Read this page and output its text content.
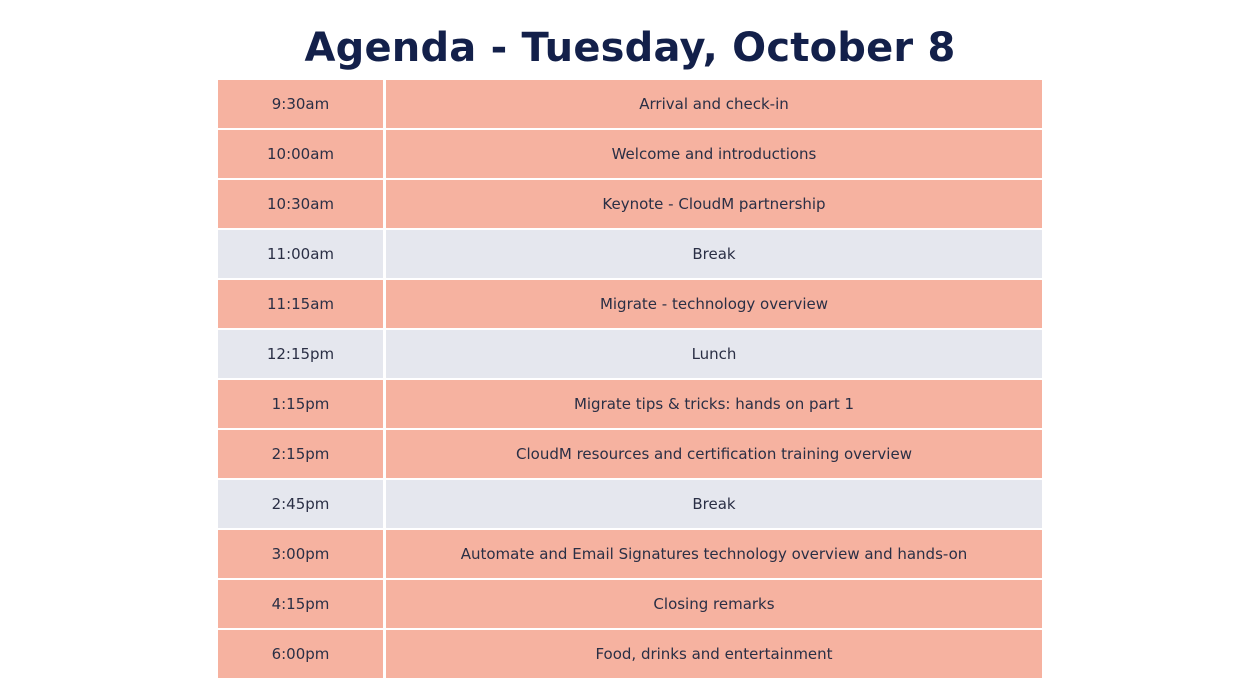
Agenda - Tuesday, October 8
9:30am	Arrival and check-in
10:00am	Welcome and introductions
10:30am	Keynote - CloudM partnership
11:00am	Break
11:15am	Migrate - technology overview
12:15pm	Lunch
1:15pm	Migrate tips & tricks: hands on part 1
2:15pm	CloudM resources and certification training overview
2:45pm	Break
3:00pm	Automate and Email Signatures technology overview and hands-on
4:15pm	Closing remarks
6:00pm	Food, drinks and entertainment
